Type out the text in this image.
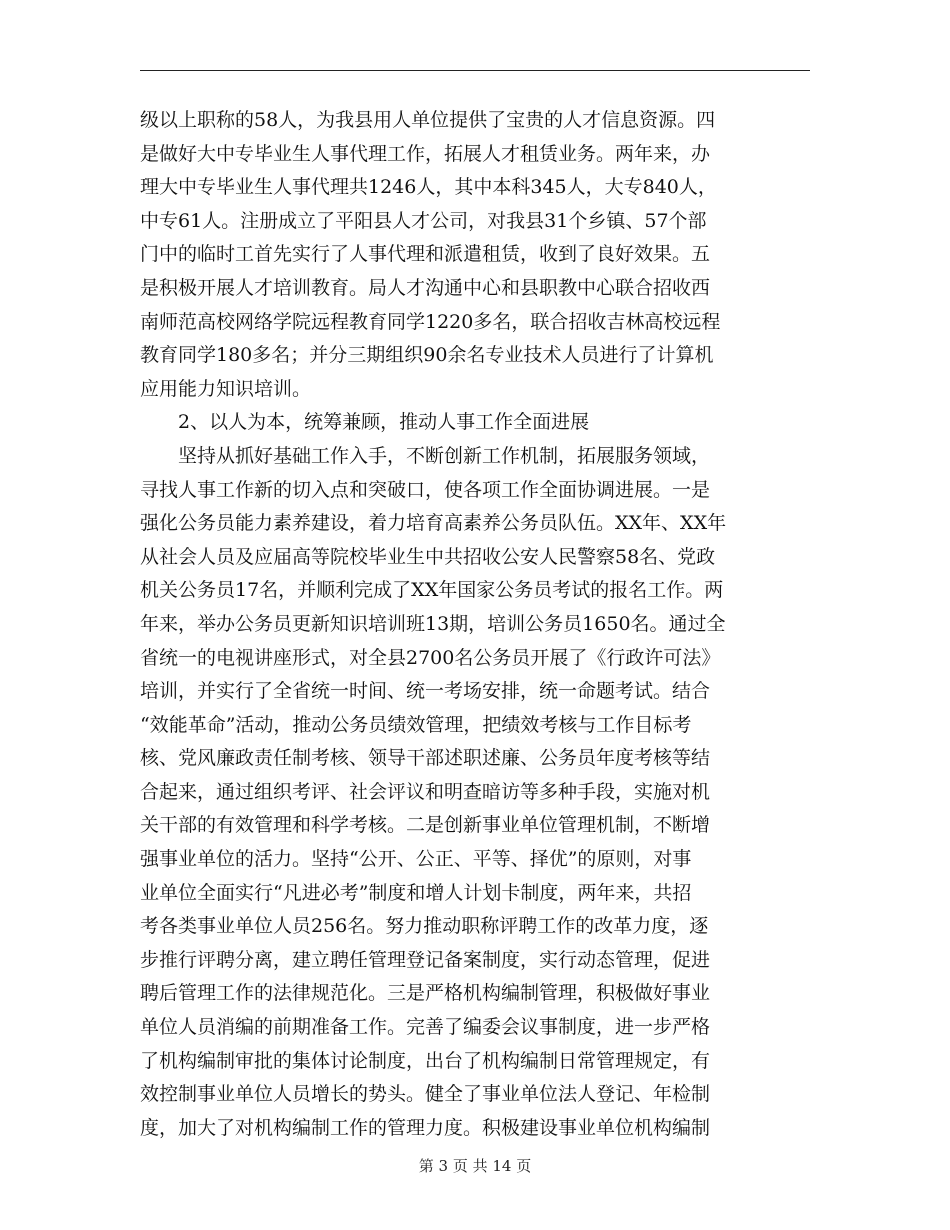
级以上职称的58人，为我县用人单位提供了宝贵的人才信息资源。四
是做好大中专毕业生人事代理工作，拓展人才租赁业务。两年来，办
理大中专毕业生人事代理共1246人，其中本科345人，大专840人，
中专61人。注册成立了平阳县人才公司，对我县31个乡镇、57个部
门中的临时工首先实行了人事代理和派遣租赁，收到了良好效果。五
是积极开展人才培训教育。局人才沟通中心和县职教中心联合招收西
南师范高校网络学院远程教育同学1220多名，联合招收吉林高校远程
教育同学180多名；并分三期组织90余名专业技术人员进行了计算机
应用能力知识培训。
2、以人为本，统筹兼顾，推动人事工作全面进展
坚持从抓好基础工作入手，不断创新工作机制，拓展服务领域，
寻找人事工作新的切入点和突破口，使各项工作全面协调进展。一是
强化公务员能力素养建设，着力培育高素养公务员队伍。XX年、XX年
从社会人员及应届高等院校毕业生中共招收公安人民警察58名、党政
机关公务员17名，并顺利完成了XX年国家公务员考试的报名工作。两
年来，举办公务员更新知识培训班13期，培训公务员1650名。通过全
省统一的电视讲座形式，对全县2700名公务员开展了《行政许可法》
培训，并实行了全省统一时间、统一考场安排，统一命题考试。结合
“效能革命”活动，推动公务员绩效管理，把绩效考核与工作目标考
核、党风廉政责任制考核、领导干部述职述廉、公务员年度考核等结
合起来，通过组织考评、社会评议和明查暗访等多种手段，实施对机
关干部的有效管理和科学考核。二是创新事业单位管理机制，不断增
强事业单位的活力。坚持“公开、公正、平等、择优”的原则，对事
业单位全面实行“凡进必考”制度和增人计划卡制度，两年来，共招
考各类事业单位人员256名。努力推动职称评聘工作的改革力度，逐
步推行评聘分离，建立聘任管理登记备案制度，实行动态管理，促进
聘后管理工作的法律规范化。三是严格机构编制管理，积极做好事业
单位人员消编的前期准备工作。完善了编委会议事制度，进一步严格
了机构编制审批的集体讨论制度，出台了机构编制日常管理规定，有
效控制事业单位人员增长的势头。健全了事业单位法人登记、年检制
度，加大了对机构编制工作的管理力度。积极建设事业单位机构编制
第 3 页 共 14 页
